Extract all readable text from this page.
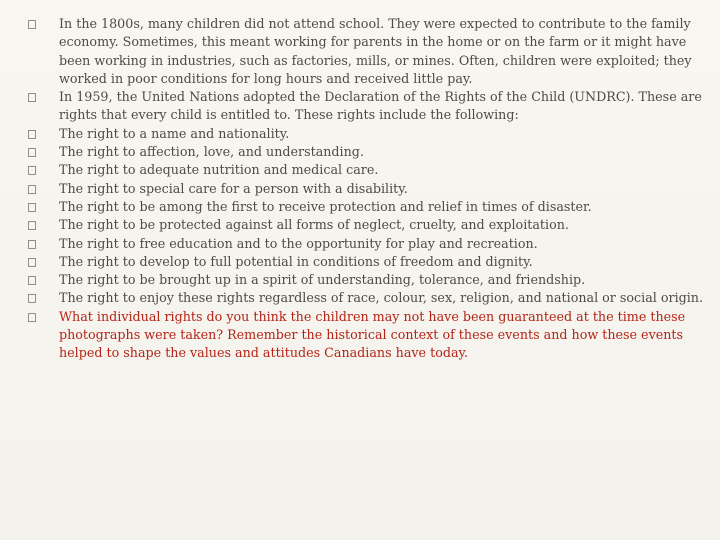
In the 1800s, many children did not attend school. They were expected to contribute to the family economy. Sometimes, this meant working for parents in the home or on the farm or it might have been working in industries, such as factories, mills, or mines. Often, children were exploited; they worked in poor conditions for long hours and received little pay.
In 1959, the United Nations adopted the Declaration of the Rights of the Child (UNDRC). These are rights that every child is entitled to. These rights include the following:
The right to a name and nationality.
The right to affection, love, and understanding.
The right to adequate nutrition and medical care.
The right to special care for a person with a disability.
The right to be among the first to receive protection and relief in times of disaster.
The right to be protected against all forms of neglect, cruelty, and exploitation.
The right to free education and to the opportunity for play and recreation.
The right to develop to full potential in conditions of freedom and dignity.
The right to be brought up in a spirit of understanding, tolerance, and friendship.
The right to enjoy these rights regardless of race, colour, sex, religion, and national or social origin.
What individual rights do you think the children may not have been guaranteed at the time these photographs were taken? Remember the historical context of these events and how these events helped to shape the values and attitudes Canadians have today.
